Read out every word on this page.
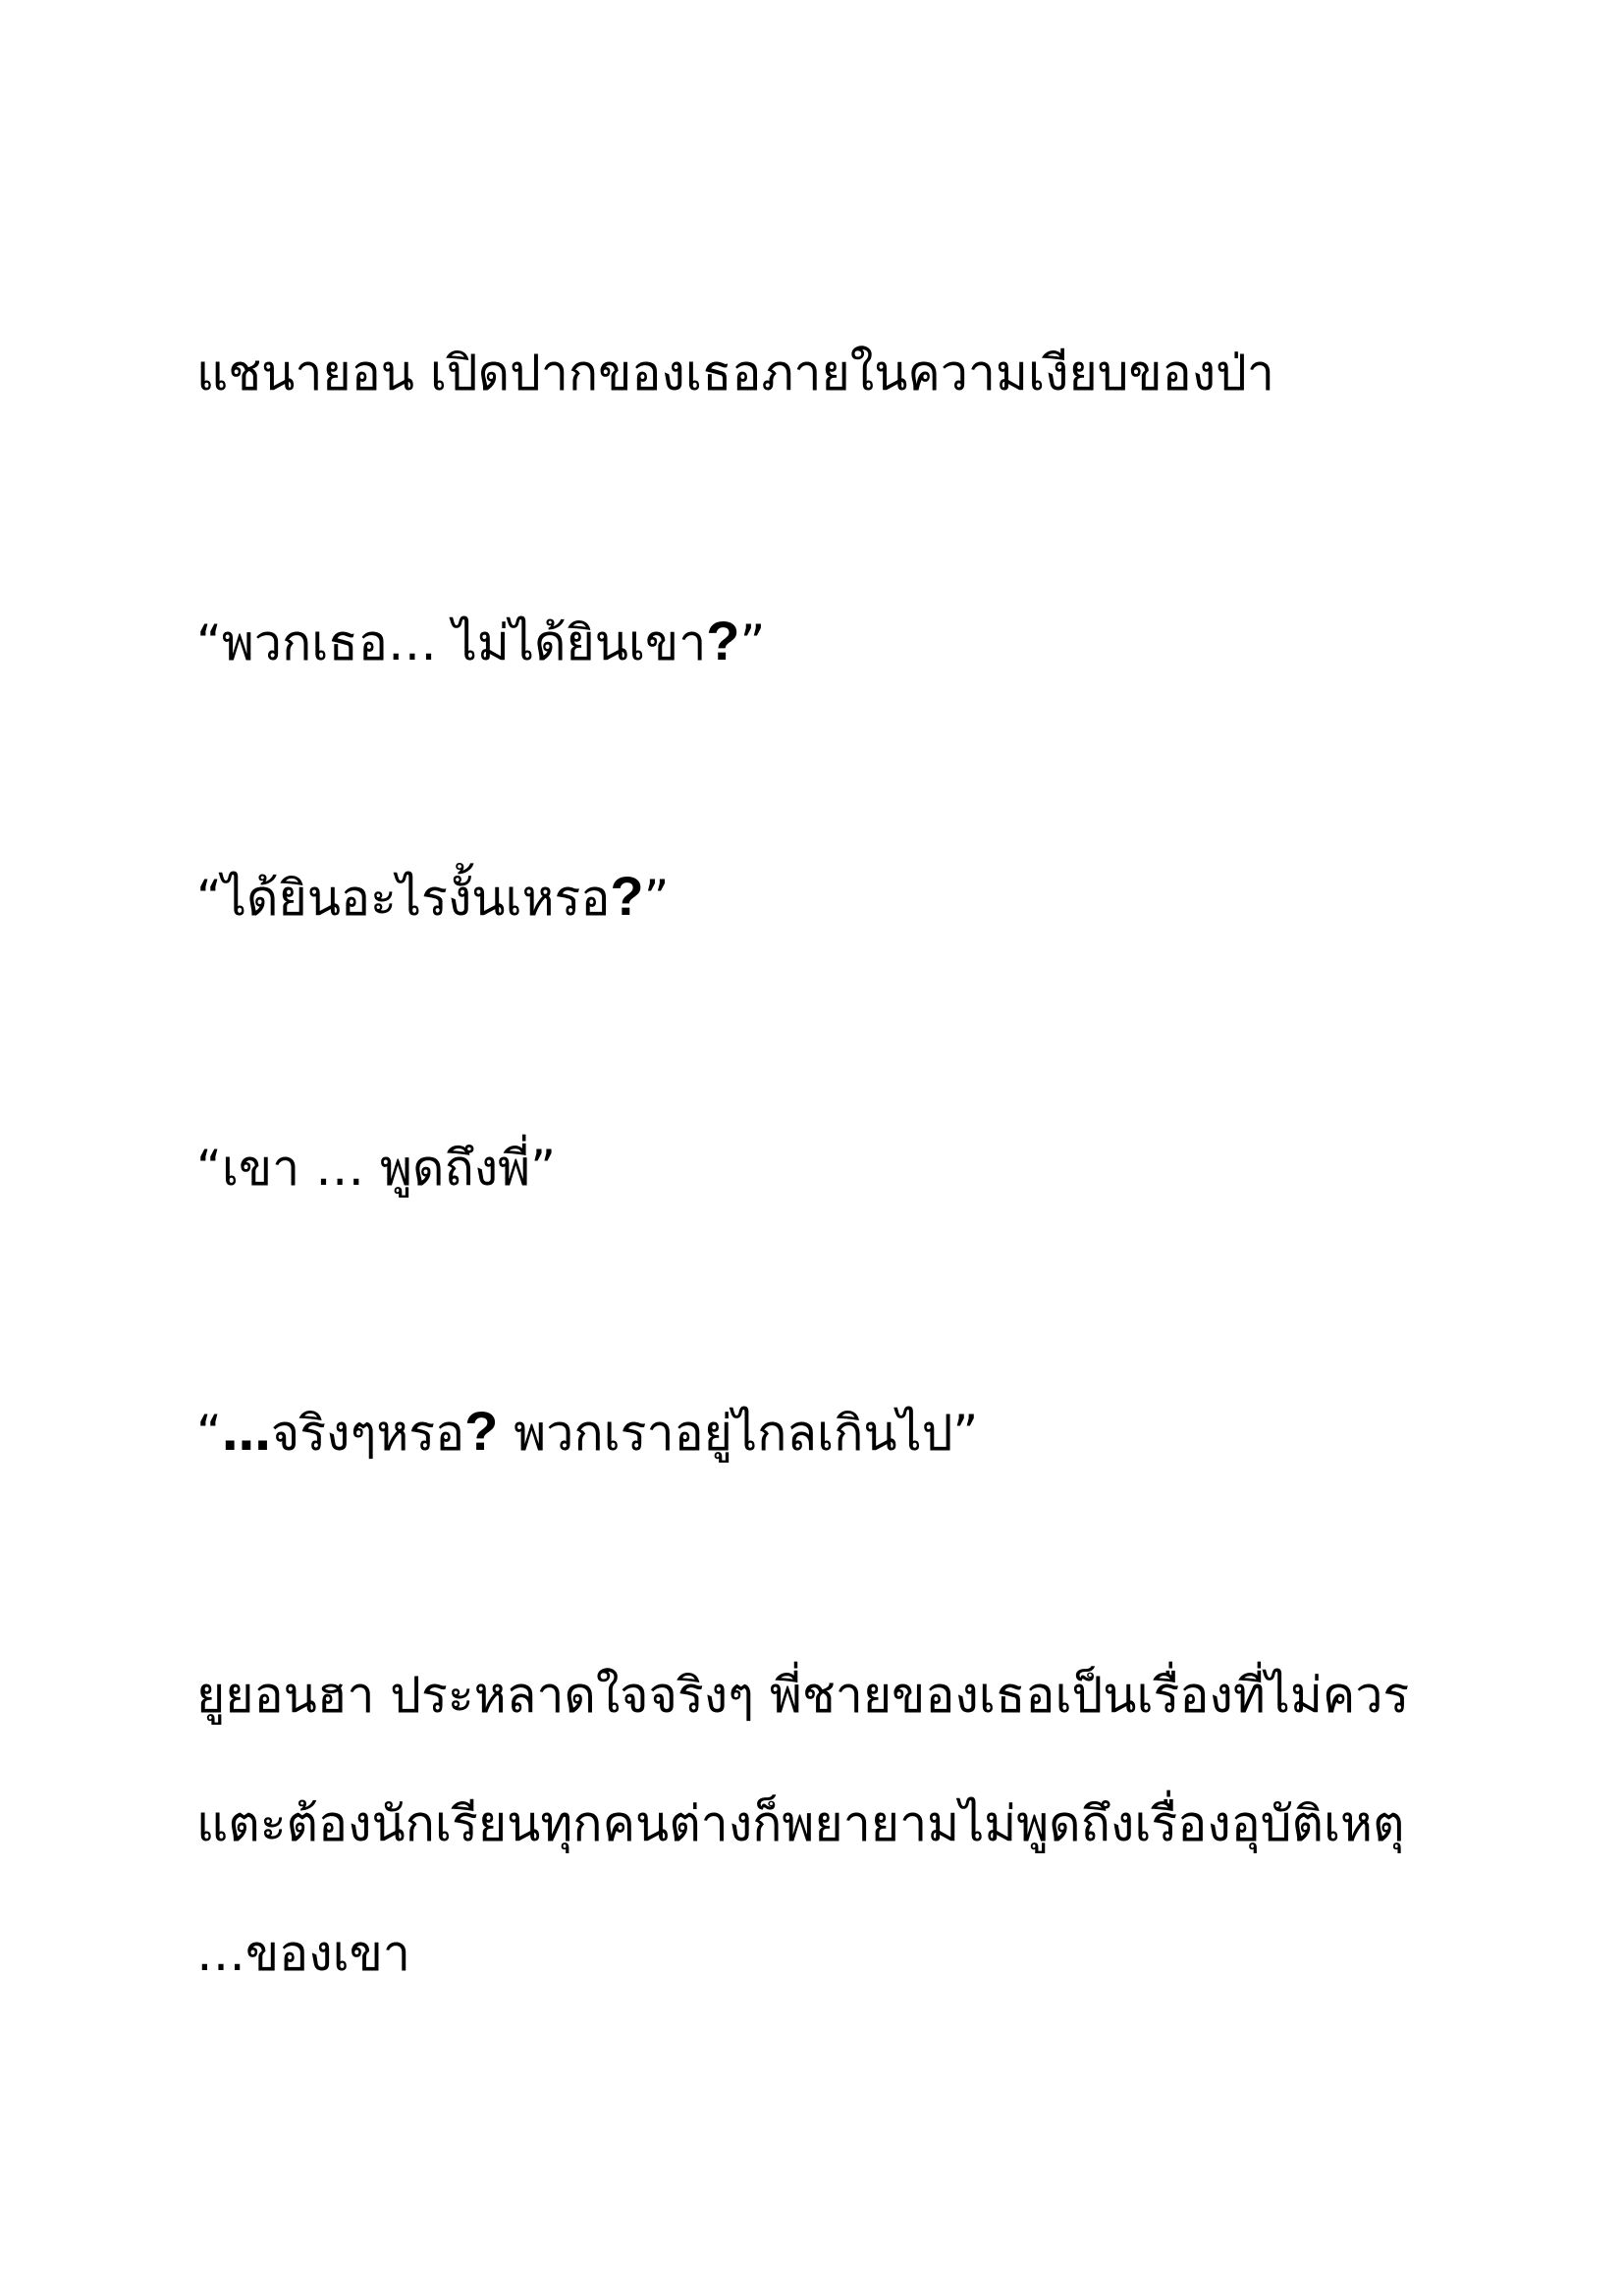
แชนายอน เปิดปากของเธอภายในความเงียบของป่า

“พวกเธอ… ไม่ได้ยินเขา?”

“ได้ยินอะไรงั้นเหรอ?”

“เขา … พูดถึงพี่”

“…จริงๆหรอ? พวกเราอยู่ไกลเกินไป”

ยูยอนฮา ประหลาดใจจริงๆ พี่ชายของเธอเป็นเรื่องที่ไม่ควร

แตะต้องนักเรียนทุกคนต่างก็พยายามไม่พูดถึงเรื่องอุบัติเหตุ

…ของเขา
